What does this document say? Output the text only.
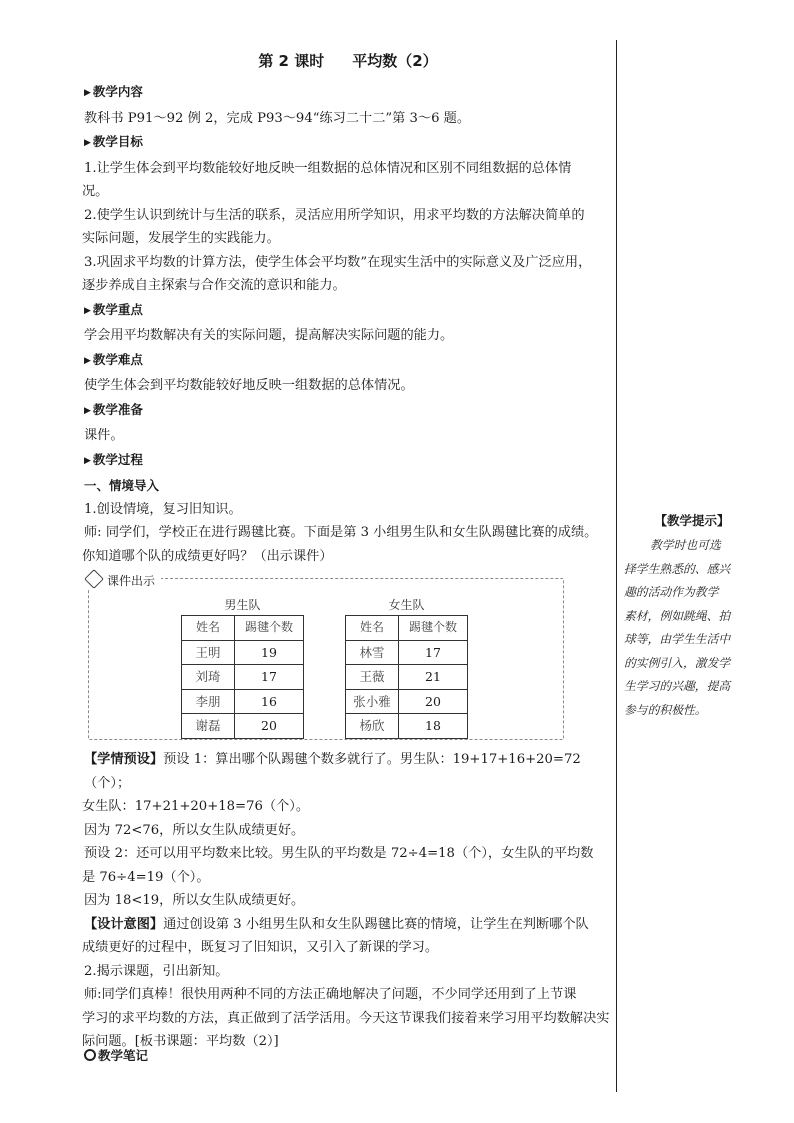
第 2 课时 平均数（2）
▶ 教学内容
教科书 P91～92 例 2，完成 P93～94“练习二十二”第 3～6 题。
▶ 教学目标
1.让学生体会到平均数能较好地反映一组数据的总体情况和区别不同组数据的总体情
况。
2.使学生认识到统计与生活的联系，灵活应用所学知识，用求平均数的方法解决简单的
实际问题，发展学生的实践能力。
3.巩固求平均数的计算方法，使学生体会平均数”在现实生活中的实际意义及广泛应用，
逐步养成自主探索与合作交流的意识和能力。
▶ 教学重点
学会用平均数解决有关的实际问题，提高解决实际问题的能力。
▶ 教学难点
使学生体会到平均数能较好地反映一组数据的总体情况。
▶ 教学准备
课件。
▶ 教学过程
一、情境导入
1.创设情境，复习旧知识。
师: 同学们，学校正在进行踢毽比赛。下面是第 3 小组男生队和女生队踢毽比赛的成绩。
你知道哪个队的成绩更好吗？（出示课件）
课件出示
男生队
姓名	踢毽个数
王明	19
刘琦	17
李朋	16
谢磊	20
女生队
姓名	踢毽个数
林雪	17
王薇	21
张小雅	20
杨欣	18
【学情预设】预设 1：算出哪个队踢毽个数多就行了。男生队：19+17+16+20=72（个）；
女生队：17+21+20+18=76（个）。
因为 72<76，所以女生队成绩更好。
预设 2：还可以用平均数来比较。男生队的平均数是 72÷4=18（个），女生队的平均数
是 76÷4=19（个）。
因为 18<19，所以女生队成绩更好。
【设计意图】通过创设第 3 小组男生队和女生队踢毽比赛的情境，让学生在判断哪个队
成绩更好的过程中，既复习了旧知识，又引入了新课的学习。
2.揭示课题，引出新知。
师:同学们真棒！很快用两种不同的方法正确地解决了问题，不少同学还用到了上节课
学习的求平均数的方法，真正做到了活学活用。今天这节课我们接着来学习用平均数解决实
际问题。[板书课题：平均数（2）]
【教学提示】
教学时也可选
择学生熟悉的、感兴
趣的活动作为教学
素材，例如跳绳、拍
球等，由学生生活中
的实例引入，激发学
生学习的兴趣，提高
参与的积极性。
教学笔记
